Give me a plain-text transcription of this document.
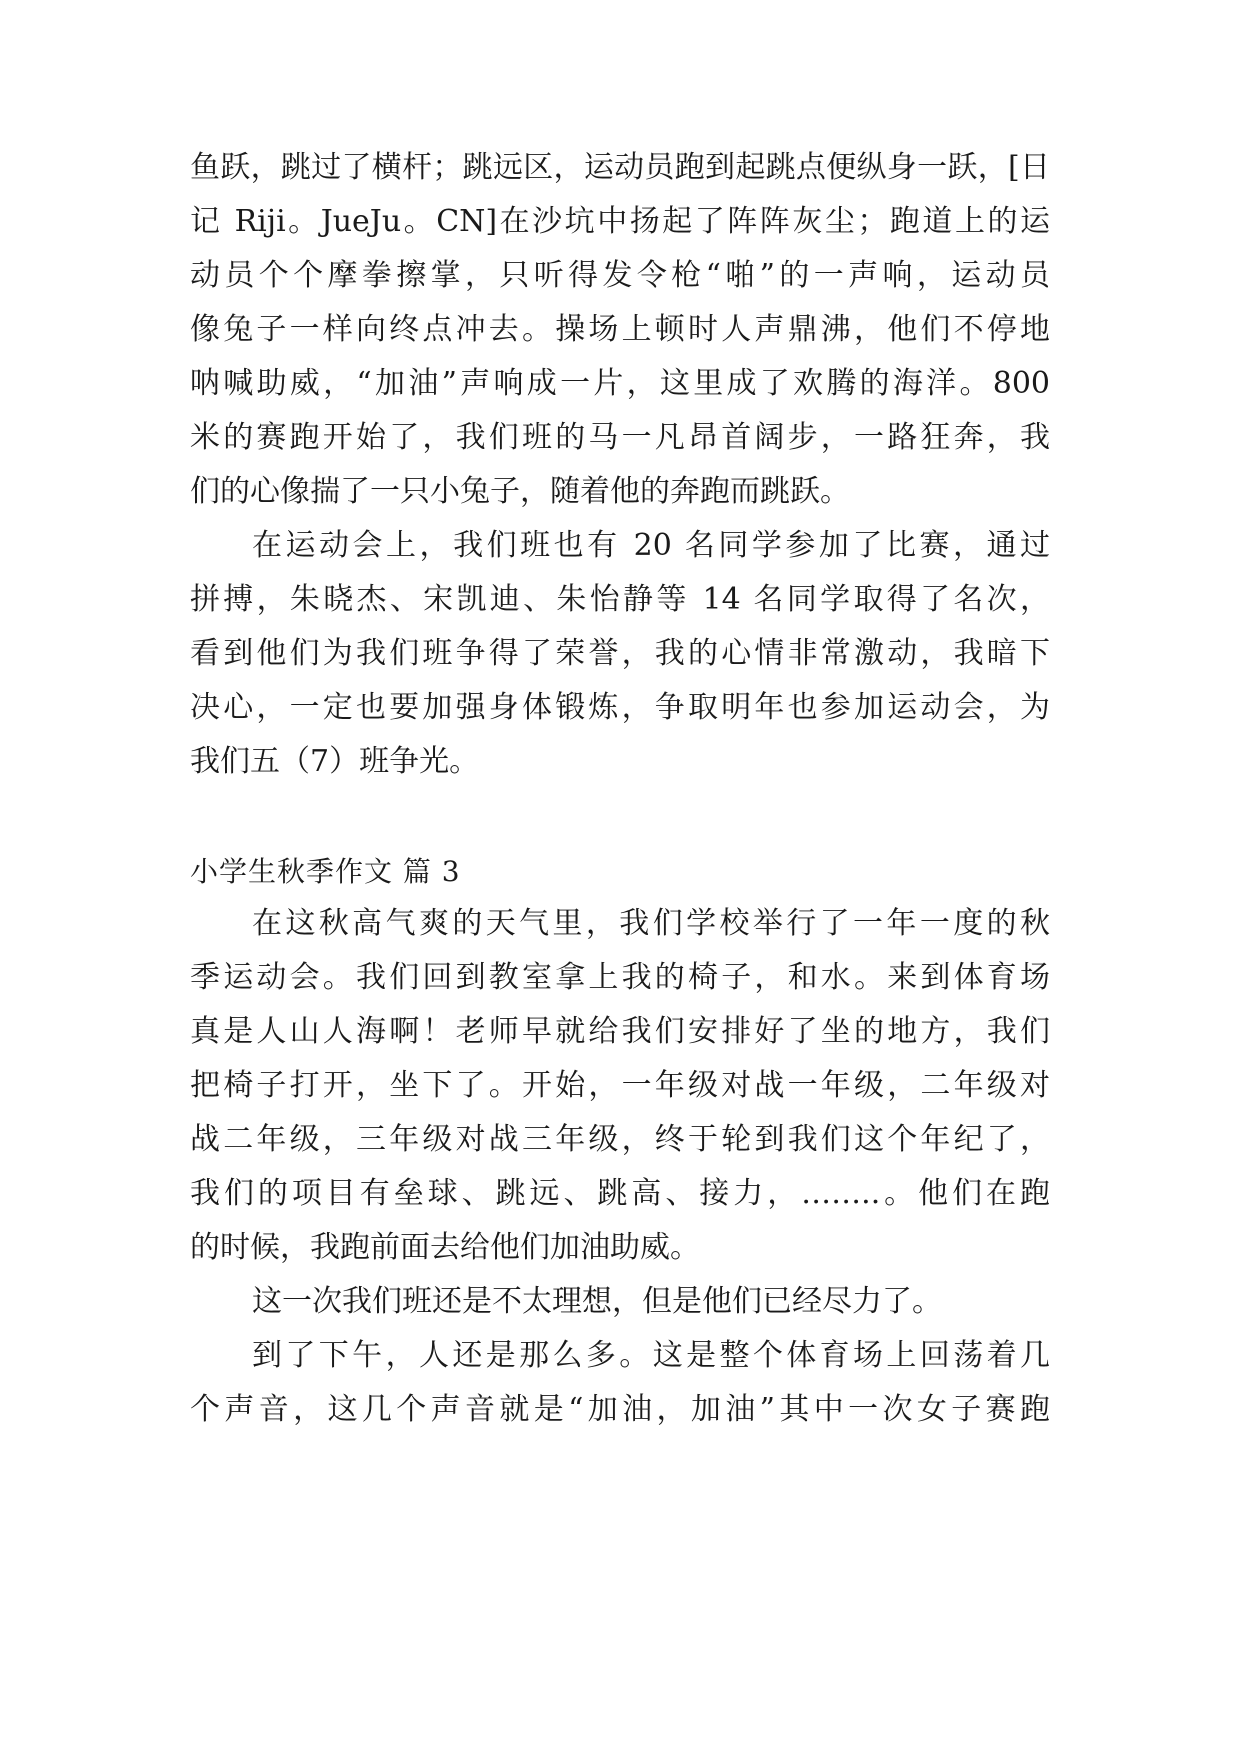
鱼跃，跳过了横杆；跳远区，运动员跑到起跳点便纵身一跃，[日
记 Riji。JueJu。CN]在沙坑中扬起了阵阵灰尘；跑道上的运
动员个个摩拳擦掌，只听得发令枪“啪”的一声响，运动员
像兔子一样向终点冲去。操场上顿时人声鼎沸，他们不停地
呐喊助威，“加油”声响成一片，这里成了欢腾的海洋。800
米的赛跑开始了，我们班的马一凡昂首阔步，一路狂奔，我
们的心像揣了一只小兔子，随着他的奔跑而跳跃。
在运动会上，我们班也有 20 名同学参加了比赛，通过
拼搏，朱晓杰、宋凯迪、朱怡静等 14 名同学取得了名次，
看到他们为我们班争得了荣誉，我的心情非常激动，我暗下
决心，一定也要加强身体锻炼，争取明年也参加运动会，为
我们五（7）班争光。
小学生秋季作文 篇 3
在这秋高气爽的天气里，我们学校举行了一年一度的秋
季运动会。我们回到教室拿上我的椅子，和水。来到体育场
真是人山人海啊！老师早就给我们安排好了坐的地方，我们
把椅子打开，坐下了。开始，一年级对战一年级，二年级对
战二年级，三年级对战三年级，终于轮到我们这个年纪了，
我们的项目有垒球、跳远、跳高、接力，……..。他们在跑
的时候，我跑前面去给他们加油助威。
这一次我们班还是不太理想，但是他们已经尽力了。
到了下午，人还是那么多。这是整个体育场上回荡着几
个声音，这几个声音就是“加油，加油”其中一次女子赛跑
